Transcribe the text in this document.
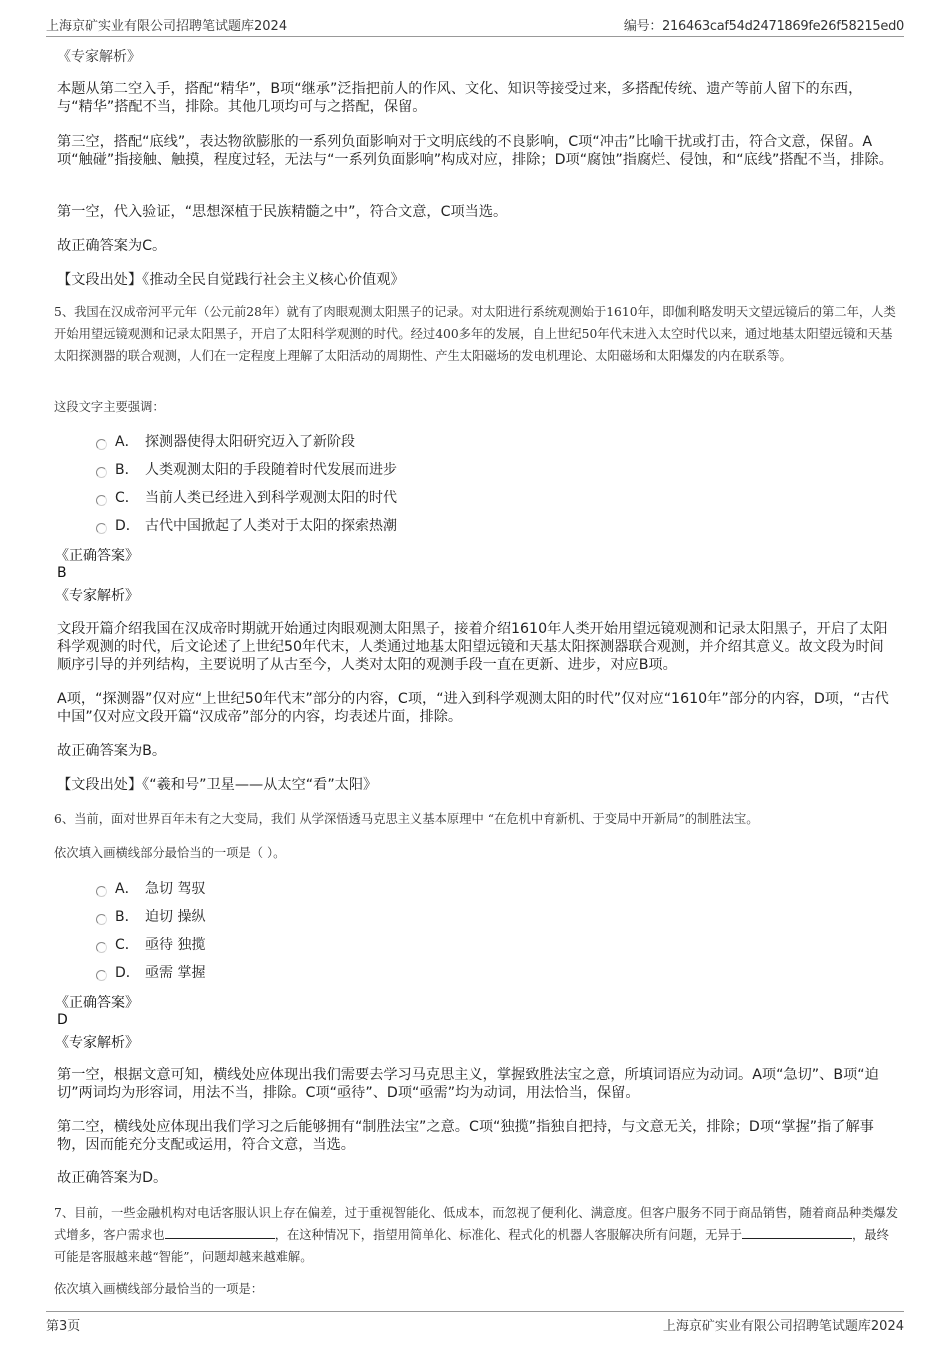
上海京矿实业有限公司招聘笔试题库2024	编号：216463caf54d2471869fe26f58215ed0
《专家解析》
本题从第二空入手，搭配“精华”，B项“继承”泛指把前人的作风、文化、知识等接受过来，多搭配传统、遗产等前人留下的东西，与“精华”搭配不当，排除。其他几项均可与之搭配，保留。
第三空，搭配“底线”，表达物欲膨胀的一系列负面影响对于文明底线的不良影响，C项“冲击”比喻干扰或打击，符合文意，保留。A项“触碰”指接触、触摸，程度过轻，无法与“一系列负面影响”构成对应，排除；D项“腐蚀”指腐烂、侵蚀，和“底线”搭配不当，排除。
第一空，代入验证，“思想深植于民族精髓之中”，符合文意，C项当选。
故正确答案为C。
【文段出处】《推动全民自觉践行社会主义核心价值观》
5、我国在汉成帝河平元年（公元前28年）就有了肉眼观测太阳黑子的记录。对太阳进行系统观测始于1610年，即伽利略发明天文望远镜后的第二年，人类开始用望远镜观测和记录太阳黑子，开启了太阳科学观测的时代。经过400多年的发展，自上世纪50年代末进入太空时代以来，通过地基太阳望远镜和天基太阳探测器的联合观测，人们在一定程度上理解了太阳活动的周期性、产生太阳磁场的发电机理论、太阳磁场和太阳爆发的内在联系等。
这段文字主要强调：
A． 探测器使得太阳研究迈入了新阶段
B． 人类观测太阳的手段随着时代发展而进步
C． 当前人类已经进入到科学观测太阳的时代
D． 古代中国掀起了人类对于太阳的探索热潮
《正确答案》
B
《专家解析》
文段开篇介绍我国在汉成帝时期就开始通过肉眼观测太阳黑子，接着介绍1610年人类开始用望远镜观测和记录太阳黑子，开启了太阳科学观测的时代，后文论述了上世纪50年代末，人类通过地基太阳望远镜和天基太阳探测器联合观测，并介绍其意义。故文段为时间顺序引导的并列结构，主要说明了从古至今，人类对太阳的观测手段一直在更新、进步，对应B项。
A项，“探测器”仅对应“上世纪50年代末”部分的内容，C项，“进入到科学观测太阳的时代”仅对应“1610年”部分的内容，D项，“古代中国”仅对应文段开篇“汉成帝”部分的内容，均表述片面，排除。
故正确答案为B。
【文段出处】《“羲和号”卫星——从太空“看”太阳》
6、当前，面对世界百年未有之大变局，我们 从学深悟透马克思主义基本原理中 “在危机中育新机、于变局中开新局”的制胜法宝。
依次填入画横线部分最恰当的一项是（ ）。
A． 急切 驾驭
B． 迫切 操纵
C． 亟待 独揽
D． 亟需 掌握
《正确答案》
D
《专家解析》
第一空，根据文意可知，横线处应体现出我们需要去学习马克思主义，掌握致胜法宝之意，所填词语应为动词。A项“急切”、B项“迫切”两词均为形容词，用法不当，排除。C项“亟待”、D项“亟需”均为动词，用法恰当，保留。
第二空，横线处应体现出我们学习之后能够拥有“制胜法宝”之意。C项“独揽”指独自把持，与文意无关，排除；D项“掌握”指了解事物，因而能充分支配或运用，符合文意，当选。
故正确答案为D。
7、目前，一些金融机构对电话客服认识上存在偏差，过于重视智能化、低成本，而忽视了便利化、满意度。但客户服务不同于商品销售，随着商品种类爆发式增多，客户需求也	，在这种情况下，指望用简单化、标准化、程式化的机器人客服解决所有问题，无异于	，最终可能是客服越来越“智能”，问题却越来越难解。
依次填入画横线部分最恰当的一项是：
第3页	上海京矿实业有限公司招聘笔试题库2024
